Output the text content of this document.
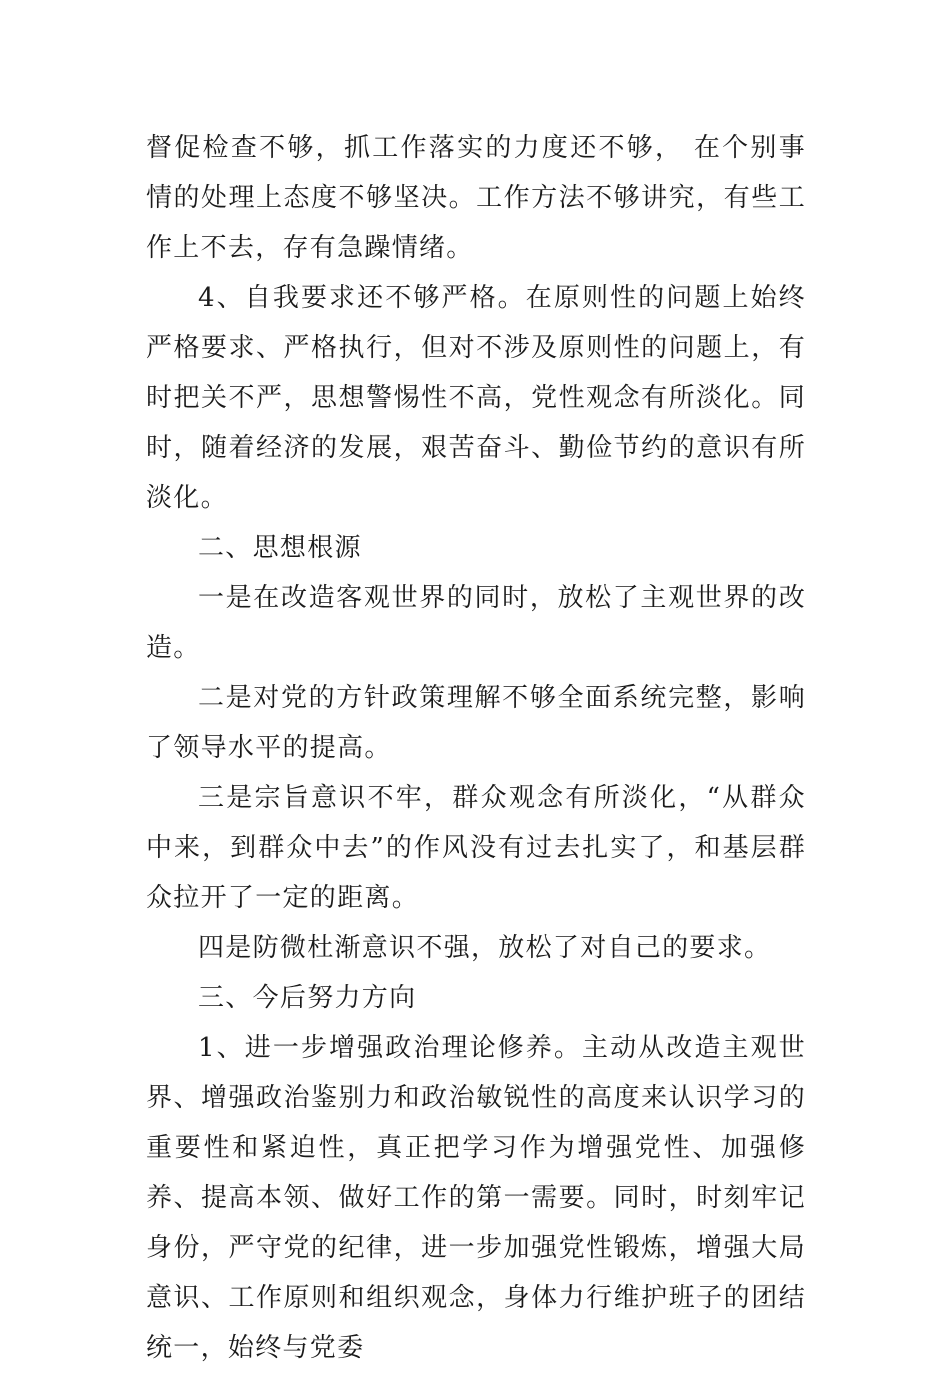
督促检查不够，抓工作落实的力度还不够， 在个别事情的处理上态度不够坚决。工作方法不够讲究，有些工作上不去，存有急躁情绪。

4、自我要求还不够严格。在原则性的问题上始终严格要求、严格执行，但对不涉及原则性的问题上，有时把关不严，思想警惕性不高，党性观念有所淡化。同时，随着经济的发展，艰苦奋斗、勤俭节约的意识有所淡化。

二、思想根源

一是在改造客观世界的同时，放松了主观世界的改造。

二是对党的方针政策理解不够全面系统完整，影响了领导水平的提高。

三是宗旨意识不牢，群众观念有所淡化，“从群众中来，到群众中去”的作风没有过去扎实了，和基层群众拉开了一定的距离。

四是防微杜渐意识不强，放松了对自己的要求。

三、今后努力方向

1、进一步增强政治理论修养。主动从改造主观世界、增强政治鉴别力和政治敏锐性的高度来认识学习的重要性和紧迫性，真正把学习作为增强党性、加强修养、提高本领、做好工作的第一需要。同时，时刻牢记身份，严守党的纪律，进一步加强党性锻炼，增强大局意识、工作原则和组织观念，身体力行维护班子的团结统一，始终与党委
